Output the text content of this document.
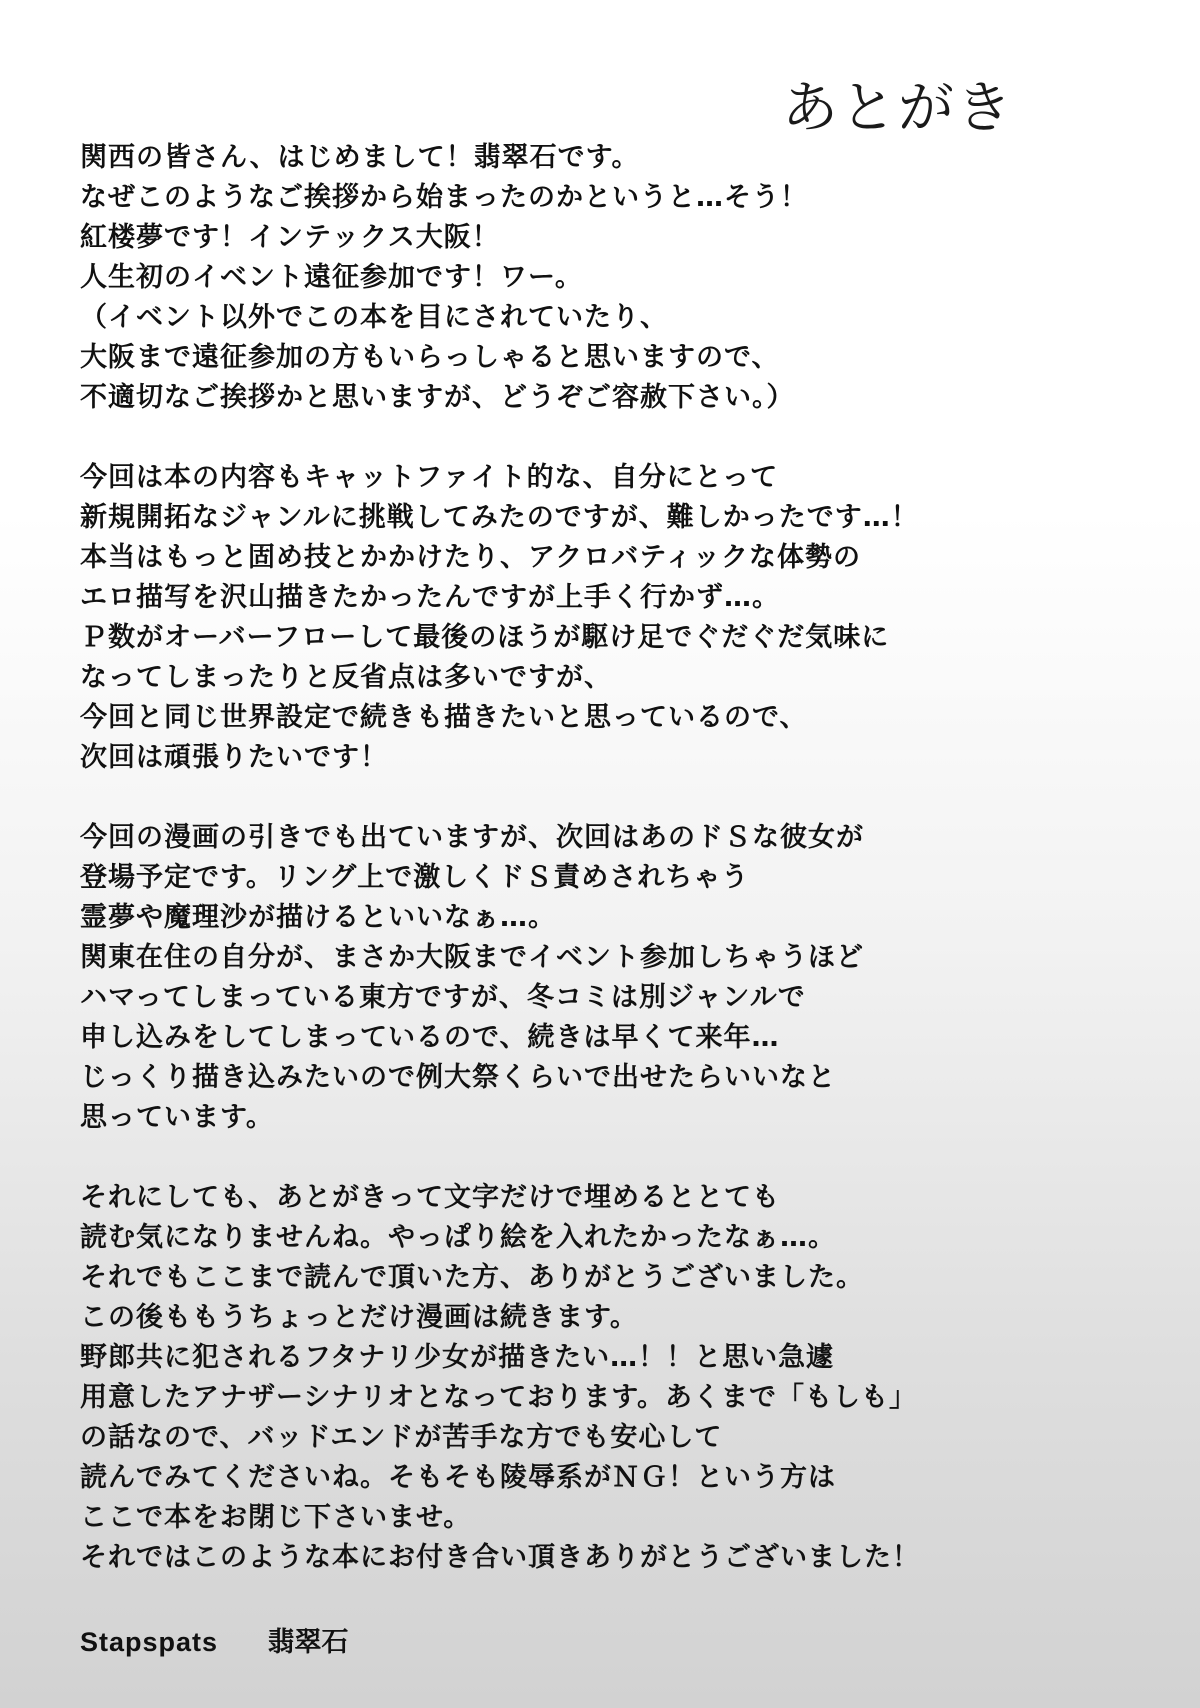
あとがき
関西の皆さん、はじめまして！翡翠石です。
なぜこのようなご挨拶から始まったのかというと…そう！
紅楼夢です！インテックス大阪！
人生初のイベント遠征参加です！ワー。
（イベント以外でこの本を目にされていたり、
大阪まで遠征参加の方もいらっしゃると思いますので、
不適切なご挨拶かと思いますが、どうぞご容赦下さい。）
今回は本の内容もキャットファイト的な、自分にとって
新規開拓なジャンルに挑戦してみたのですが、難しかったです…！
本当はもっと固め技とかかけたり、アクロバティックな体勢の
エロ描写を沢山描きたかったんですが上手く行かず…。
Ｐ数がオーバーフローして最後のほうが駆け足でぐだぐだ気味に
なってしまったりと反省点は多いですが、
今回と同じ世界設定で続きも描きたいと思っているので、
次回は頑張りたいです！
今回の漫画の引きでも出ていますが、次回はあのドＳな彼女が
登場予定です。リング上で激しくドＳ責めされちゃう
霊夢や魔理沙が描けるといいなぁ…。
関東在住の自分が、まさか大阪までイベント参加しちゃうほど
ハマってしまっている東方ですが、冬コミは別ジャンルで
申し込みをしてしまっているので、続きは早くて来年…
じっくり描き込みたいので例大祭くらいで出せたらいいなと
思っています。
それにしても、あとがきって文字だけで埋めるととても
読む気になりませんね。やっぱり絵を入れたかったなぁ…。
それでもここまで読んで頂いた方、ありがとうございました。
この後ももうちょっとだけ漫画は続きます。
野郎共に犯されるフタナリ少女が描きたい…！！と思い急遽
用意したアナザーシナリオとなっております。あくまで「もしも」
の話なので、バッドエンドが苦手な方でも安心して
読んでみてくださいね。そもそも陵辱系がＮＧ！という方は
ここで本をお閉じ下さいませ。
それではこのような本にお付き合い頂きありがとうございました！
Stapspats 翡翠石
